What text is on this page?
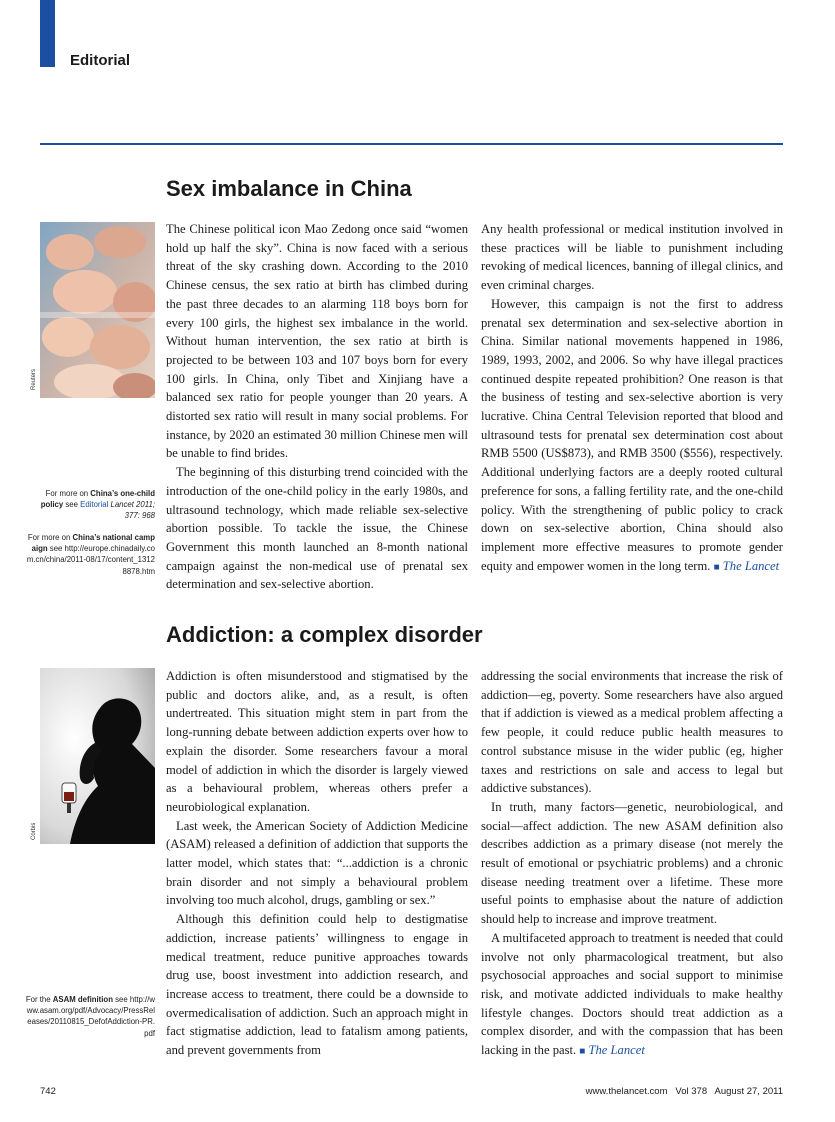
Editorial
Sex imbalance in China
Reuters

The Chinese political icon Mao Zedong once said “women hold up half the sky”. China is now faced with a serious threat of the sky crashing down. According to the 2010 Chinese census, the sex ratio at birth has climbed during the past three decades to an alarming 118 boys born for every 100 girls, the highest sex imbalance in the world. Without human intervention, the sex ratio at birth is projected to be between 103 and 107 boys born for every 100 girls. In China, only Tibet and Xinjiang have a balanced sex ratio for people younger than 20 years. A distorted sex ratio will result in many social problems. For instance, by 2020 an estimated 30 million Chinese men will be unable to find brides.

The beginning of this disturbing trend coincided with the introduction of the one-child policy in the early 1980s, and ultrasound technology, which made reliable sex-selective abortion possible. To tackle the issue, the Chinese Government this month launched an 8-month national campaign against the non-medical use of prenatal sex determination and sex-selective abortion.

Any health professional or medical institution involved in these practices will be liable to punishment including revoking of medical licences, banning of illegal clinics, and even criminal charges.

However, this campaign is not the first to address prenatal sex determination and sex-selective abortion in China. Similar national movements happened in 1986, 1989, 1993, 2002, and 2006. So why have illegal practices continued despite repeated prohibition? One reason is that the business of testing and sex-selective abortion is very lucrative. China Central Television reported that blood and ultrasound tests for prenatal sex determination cost about RMB 5500 (US$873), and RMB 3500 ($556), respectively. Additional underlying factors are a deeply rooted cultural preference for sons, a falling fertility rate, and the one-child policy. With the strengthening of public policy to crack down on sex-selective abortion, China should also implement more effective measures to promote gender equity and empower women in the long term. ■ The Lancet

For more on China’s one-child policy see Editorial Lancet 2011; 377: 968
For more on China’s national campaign see http://europe.chinadaily.com.cn/china/2011-08/17/content_13128878.htm
Addiction: a complex disorder
Corbis

Addiction is often misunderstood and stigmatised by the public and doctors alike, and, as a result, is often undertreated. This situation might stem in part from the long-running debate between addiction experts over how to explain the disorder. Some researchers favour a moral model of addiction in which the disorder is largely viewed as a behavioural problem, whereas others prefer a neurobiological explanation.

Last week, the American Society of Addiction Medicine (ASAM) released a definition of addiction that supports the latter model, which states that: “...addiction is a chronic brain disorder and not simply a behavioural problem involving too much alcohol, drugs, gambling or sex.”

Although this definition could help to destigmatise addiction, increase patients’ willingness to engage in medical treatment, reduce punitive approaches towards drug use, boost investment into addiction research, and increase access to treatment, there could be a downside to overmedicalisation of addiction. Such an approach might in fact stigmatise addiction, lead to fatalism among patients, and prevent governments from

addressing the social environments that increase the risk of addiction—eg, poverty. Some researchers have also argued that if addiction is viewed as a medical problem affecting a few people, it could reduce public health measures to control substance misuse in the wider public (eg, higher taxes and restrictions on sale and access to legal but addictive substances).

In truth, many factors—genetic, neurobiological, and social—affect addiction. The new ASAM definition also describes addiction as a primary disease (not merely the result of emotional or psychiatric problems) and a chronic disease needing treatment over a lifetime. These more useful points to emphasise about the nature of addiction should help to increase and improve treatment.

A multifaceted approach to treatment is needed that could involve not only pharmacological treatment, but also psychosocial approaches and social support to minimise risk, and motivate addicted individuals to make healthy lifestyle changes. Doctors should treat addiction as a complex disorder, and with the compassion that has been lacking in the past. ■ The Lancet

For the ASAM definition see http://www.asam.org/pdf/Advocacy/PressReleases/20110815_DefofAddiction-PR.pdf
742	www.thelancet.com   Vol 378   August 27, 2011
